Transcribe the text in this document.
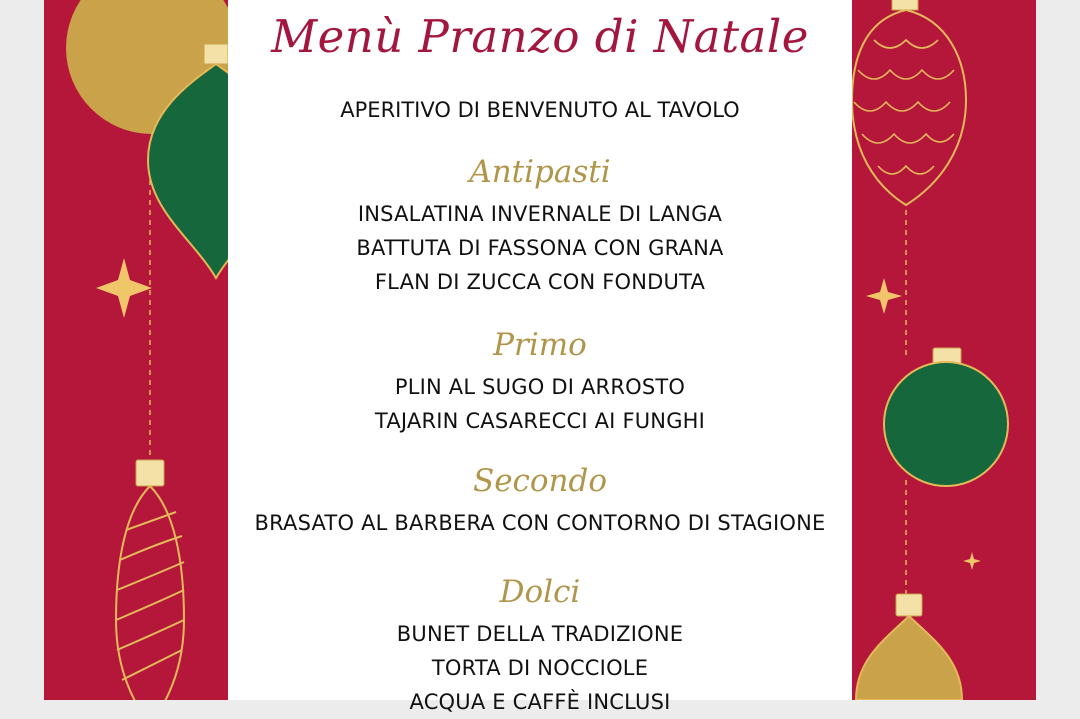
Menù Pranzo di Natale
APERITIVO DI BENVENUTO AL TAVOLO
Antipasti
INSALATINA INVERNALE DI LANGA
BATTUTA DI FASSONA CON GRANA
FLAN DI ZUCCA CON FONDUTA
Primo
PLIN AL SUGO DI ARROSTO
TAJARIN CASARECCI AI FUNGHI
Secondo
BRASATO AL BARBERA CON CONTORNO DI STAGIONE
Dolci
BUNET DELLA TRADIZIONE
TORTA DI NOCCIOLE
ACQUA E CAFFÈ INCLUSI
